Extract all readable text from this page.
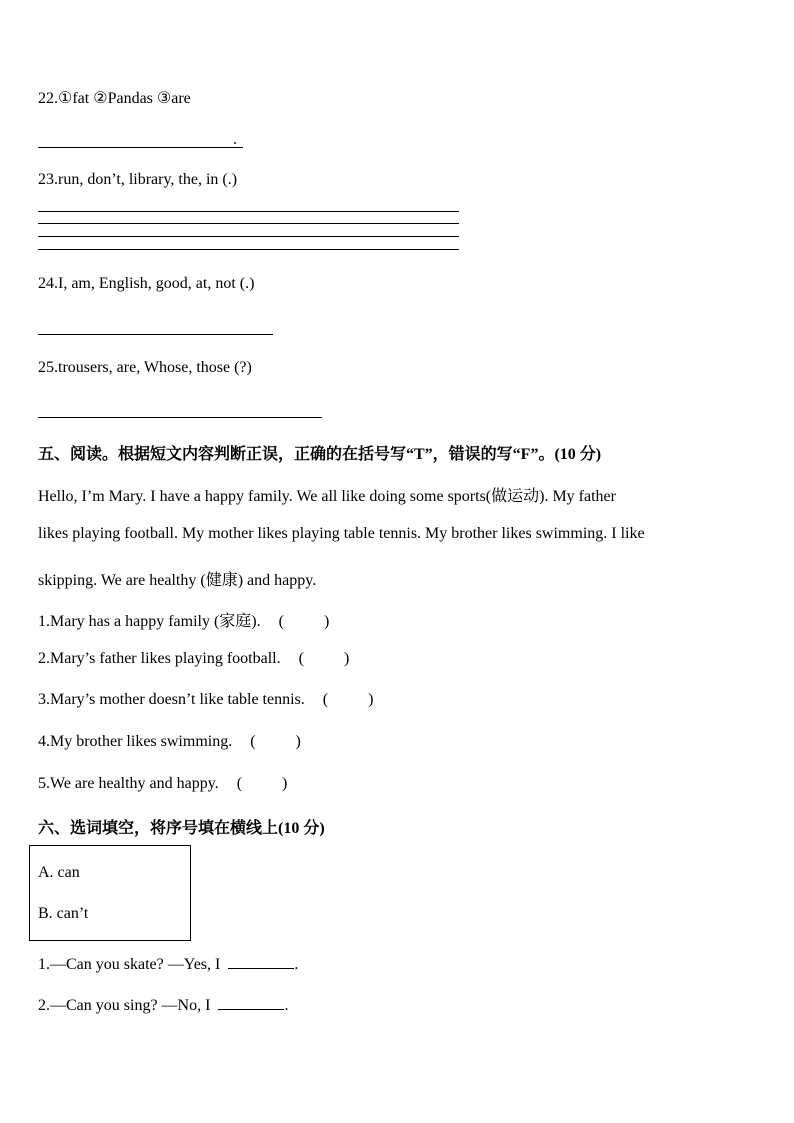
22.①fat ②Pandas ③are
.
23.run, don’t, library, the, in (.)
24.I, am, English, good, at, not (.)
25.trousers, are, Whose, those (?)
五、阅读。根据短文内容判断正误，正确的在括号写“T”，错误的写“F”。(10 分)
Hello, I’m Mary. I have a happy family. We all like doing some sports(做运动). My father
likes playing football. My mother likes playing table tennis. My brother likes swimming. I like
skipping. We are healthy (健康) and happy.
1.Mary has a happy family (家庭). (          )
2.Mary’s father likes playing football. (          )
3.Mary’s mother doesn’t like table tennis. (          )
4.My brother likes swimming. (          )
5.We are healthy and happy. (          )
六、选词填空，将序号填在横线上(10 分)
A. can
B. can’t
1.—Can you skate? —Yes, I	.
2.—Can you sing? —No, I	.
